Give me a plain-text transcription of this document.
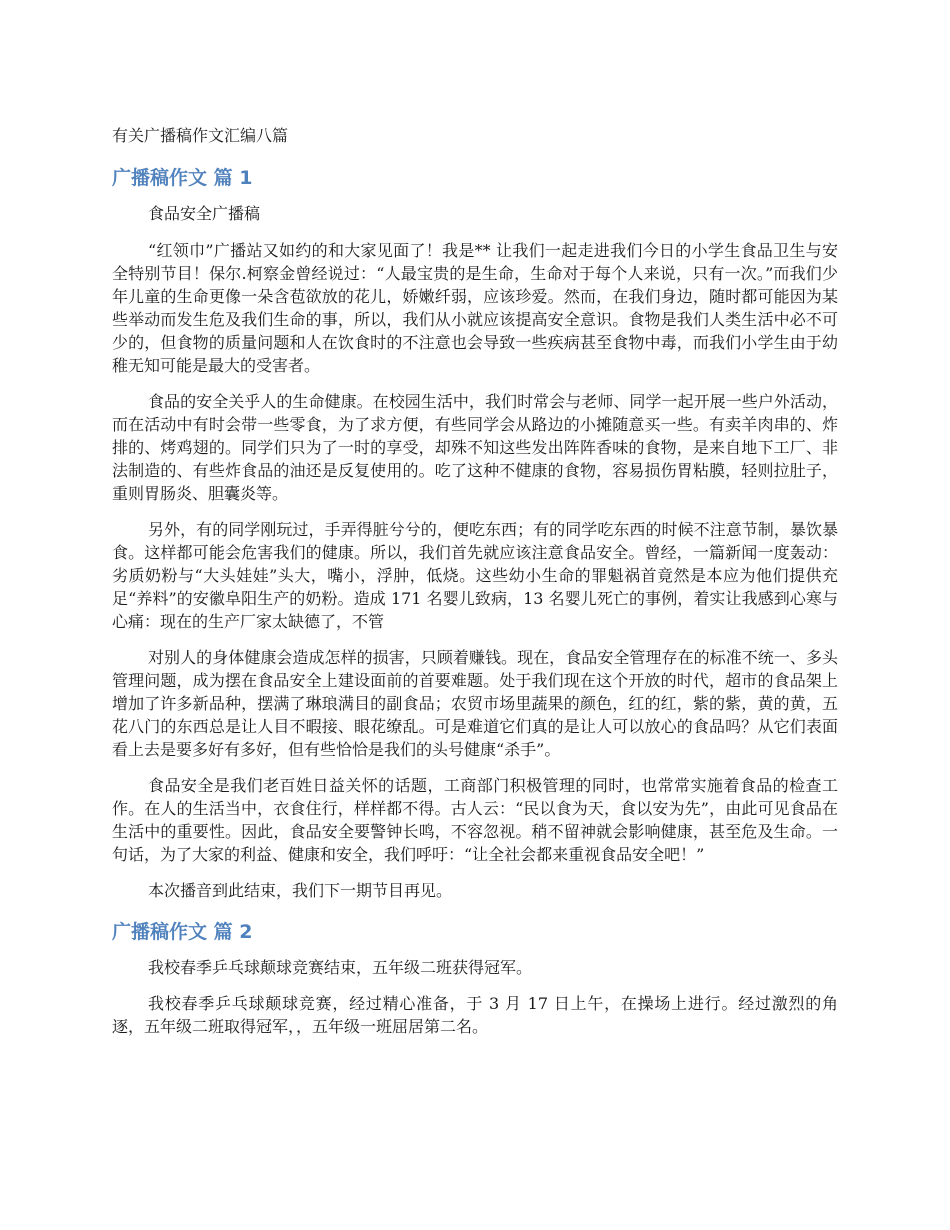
有关广播稿作文汇编八篇
广播稿作文 篇 1

食品安全广播稿

“红领巾”广播站又如约的和大家见面了！我是** 让我们一起走进我们今日的小学生食品卫生与安全特别节目！保尔.柯察金曾经说过：“人最宝贵的是生命，生命对于每个人来说，只有一次。”而我们少年儿童的生命更像一朵含苞欲放的花儿，娇嫩纤弱，应该珍爱。然而，在我们身边，随时都可能因为某些举动而发生危及我们生命的事，所以，我们从小就应该提高安全意识。食物是我们人类生活中必不可少的，但食物的质量问题和人在饮食时的不注意也会导致一些疾病甚至食物中毒，而我们小学生由于幼稚无知可能是最大的受害者。

食品的安全关乎人的生命健康。在校园生活中，我们时常会与老师、同学一起开展一些户外活动，而在活动中有时会带一些零食，为了求方便，有些同学会从路边的小摊随意买一些。有卖羊肉串的、炸排的、烤鸡翅的。同学们只为了一时的享受，却殊不知这些发出阵阵香味的食物，是来自地下工厂、非法制造的、有些炸食品的油还是反复使用的。吃了这种不健康的食物，容易损伤胃粘膜，轻则拉肚子，重则胃肠炎、胆囊炎等。

另外，有的同学刚玩过，手弄得脏兮兮的，便吃东西；有的同学吃东西的时候不注意节制，暴饮暴食。这样都可能会危害我们的健康。所以，我们首先就应该注意食品安全。曾经，一篇新闻一度轰动：劣质奶粉与“大头娃娃”头大，嘴小，浮肿，低烧。这些幼小生命的罪魁祸首竟然是本应为他们提供充足“养料”的安徽阜阳生产的奶粉。造成 171 名婴儿致病，13 名婴儿死亡的事例，着实让我感到心寒与心痛：现在的生产厂家太缺德了，不管

对别人的身体健康会造成怎样的损害，只顾着赚钱。现在，食品安全管理存在的标准不统一、多头管理问题，成为摆在食品安全上建设面前的首要难题。处于我们现在这个开放的时代，超市的食品架上增加了许多新品种，摆满了琳琅满目的副食品；农贸市场里蔬果的颜色，红的红，紫的紫，黄的黄，五花八门的东西总是让人目不暇接、眼花缭乱。可是难道它们真的是让人可以放心的食品吗？从它们表面看上去是要多好有多好，但有些恰恰是我们的头号健康“杀手”。

食品安全是我们老百姓日益关怀的话题，工商部门积极管理的同时，也常常实施着食品的检查工作。在人的生活当中，衣食住行，样样都不得。古人云：“民以食为天，食以安为先”，由此可见食品在生活中的重要性。因此，食品安全要警钟长鸣，不容忽视。稍不留神就会影响健康，甚至危及生命。一句话，为了大家的利益、健康和安全，我们呼吁：“让全社会都来重视食品安全吧！”

本次播音到此结束，我们下一期节目再见。

广播稿作文 篇 2

我校春季乒乓球颠球竞赛结束，五年级二班获得冠军。

我校春季乒乓球颠球竞赛，经过精心准备，于 3 月 17 日上午，在操场上进行。经过激烈的角逐，五年级二班取得冠军，，五年级一班屈居第二名。
